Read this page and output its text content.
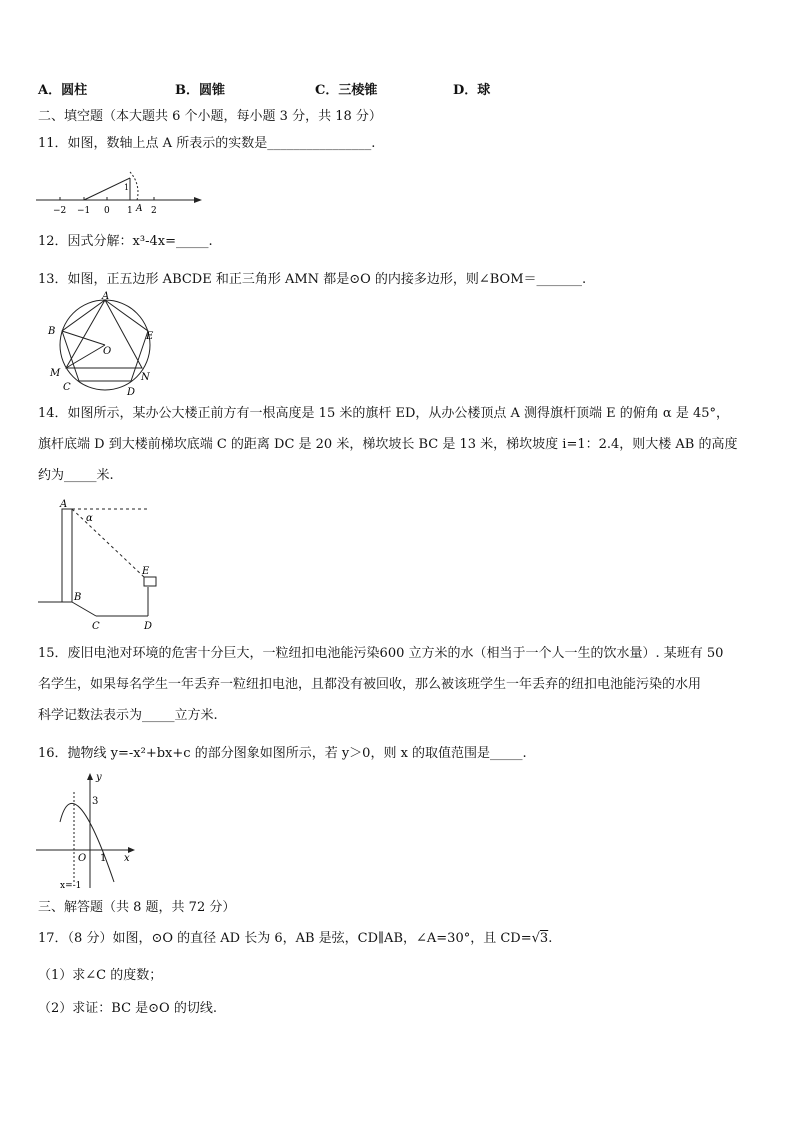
A．圆柱	B．圆锥	C．三棱锥	D．球
二、填空题（本大题共 6 个小题，每小题 3 分，共 18 分）
11．如图，数轴上点 A 所表示的实数是________________.
−2 −1 0 1 2
A
1
12．因式分解：x³-4x=_____.
13．如图，正五边形 ABCDE 和正三角形 AMN 都是⊙O 的内接多边形，则∠BOM＝_______.
A
B	E
O
M	N
C	D
14．如图所示，某办公大楼正前方有一根高度是 15 米的旗杆 ED，从办公楼顶点 A 测得旗杆顶端 E 的俯角 α 是 45°，
旗杆底端 D 到大楼前梯坎底端 C 的距离 DC 是 20 米，梯坎坡长 BC 是 13 米，梯坎坡度 i=1：2.4，则大楼 AB 的高度
约为_____米.
A
α
E
B
C	D
15．废旧电池对环境的危害十分巨大，一粒纽扣电池能污染600 立方米的水（相当于一个人一生的饮水量）. 某班有 50
名学生，如果每名学生一年丢弃一粒纽扣电池，且都没有被回收，那么被该班学生一年丢弃的纽扣电池能污染的水用
科学记数法表示为_____立方米.
16．抛物线 y=-x²+bx+c 的部分图象如图所示，若 y＞0，则 x 的取值范围是_____.
y
3
O 1 x
x=-1
三、解答题（共 8 题，共 72 分）
17．（8 分）如图，⊙O 的直径 AD 长为 6，AB 是弦，CD∥AB，∠A=30°，且 CD=√3.
（1）求∠C 的度数；
（2）求证：BC 是⊙O 的切线.
